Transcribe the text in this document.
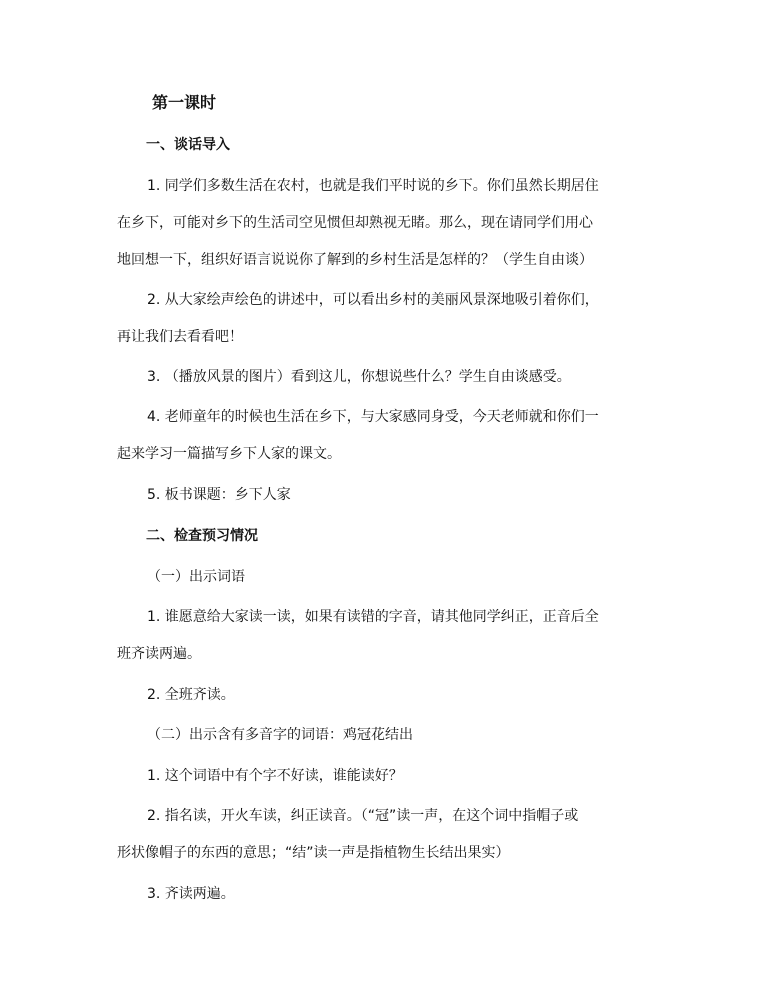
第一课时
一、谈话导入
1. 同学们多数生活在农村，也就是我们平时说的乡下。你们虽然长期居住
在乡下，可能对乡下的生活司空见惯但却熟视无睹。那么，现在请同学们用心
地回想一下，组织好语言说说你了解到的乡村生活是怎样的？（学生自由谈）
2. 从大家绘声绘色的讲述中，可以看出乡村的美丽风景深地吸引着你们，
再让我们去看看吧！
3. （播放风景的图片）看到这儿，你想说些什么？学生自由谈感受。
4. 老师童年的时候也生活在乡下，与大家感同身受，今天老师就和你们一
起来学习一篇描写乡下人家的课文。
5. 板书课题：乡下人家
二、检查预习情况
（一）出示词语
1. 谁愿意给大家读一读，如果有读错的字音，请其他同学纠正，正音后全
班齐读两遍。
2. 全班齐读。
（二）出示含有多音字的词语：鸡冠花结出
1. 这个词语中有个字不好读，谁能读好？
2. 指名读，开火车读，纠正读音。（“冠”读一声，在这个词中指帽子或
形状像帽子的东西的意思；“结”读一声是指植物生长结出果实）
3. 齐读两遍。
